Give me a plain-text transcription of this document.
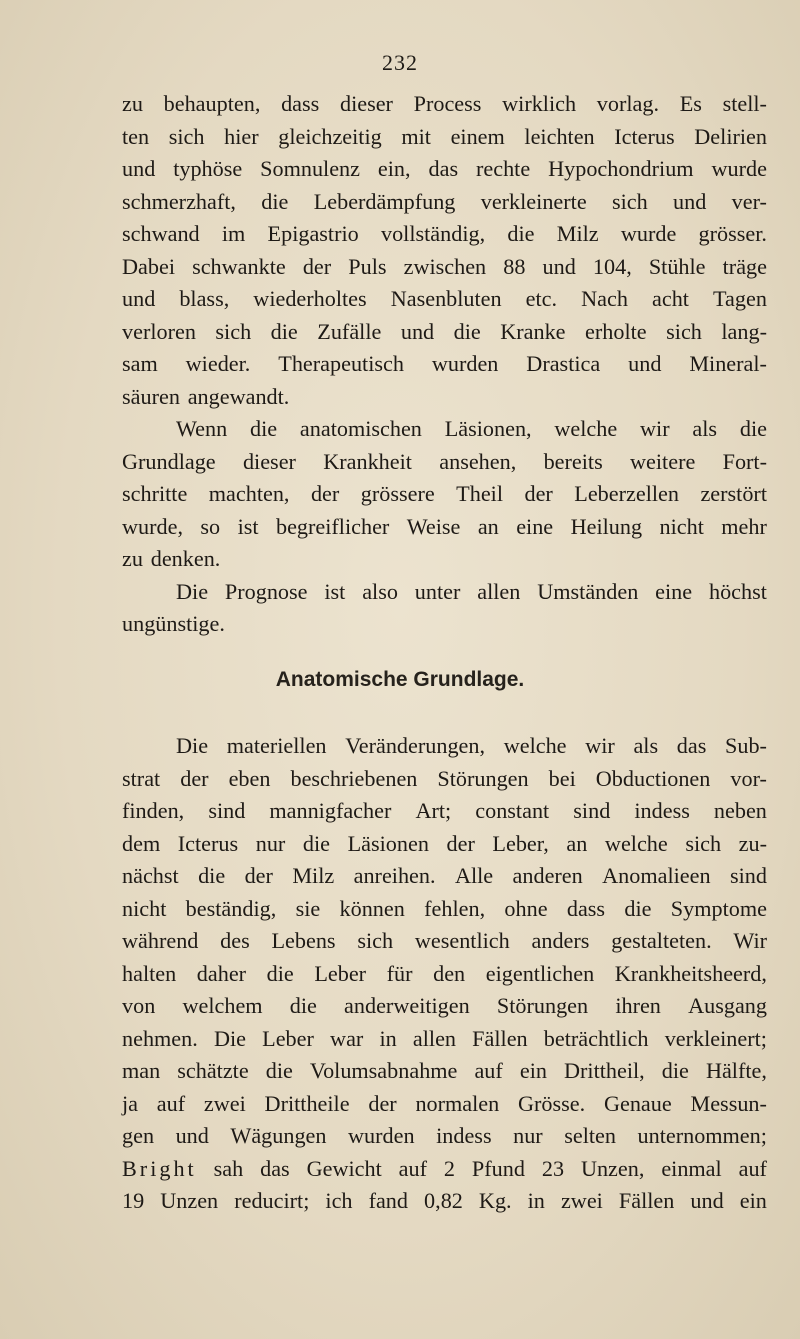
232
zu behaupten, dass dieser Process wirklich vorlag. Es stell-
ten sich hier gleichzeitig mit einem leichten Icterus Delirien
und typhöse Somnulenz ein, das rechte Hypochondrium wurde
schmerzhaft, die Leberdämpfung verkleinerte sich und ver-
schwand im Epigastrio vollständig, die Milz wurde grösser.
Dabei schwankte der Puls zwischen 88 und 104, Stühle träge
und blass, wiederholtes Nasenbluten etc. Nach acht Tagen
verloren sich die Zufälle und die Kranke erholte sich lang-
sam wieder. Therapeutisch wurden Drastica und Mineral-
säuren angewandt.
Wenn die anatomischen Läsionen, welche wir als die
Grundlage dieser Krankheit ansehen, bereits weitere Fort-
schritte machten, der grössere Theil der Leberzellen zerstört
wurde, so ist begreiflicher Weise an eine Heilung nicht mehr
zu denken.
Die Prognose ist also unter allen Umständen eine höchst
ungünstige.
Anatomische Grundlage.
Die materiellen Veränderungen, welche wir als das Sub-
strat der eben beschriebenen Störungen bei Obductionen vor-
finden, sind mannigfacher Art; constant sind indess neben
dem Icterus nur die Läsionen der Leber, an welche sich zu-
nächst die der Milz anreihen. Alle anderen Anomalieen sind
nicht beständig, sie können fehlen, ohne dass die Symptome
während des Lebens sich wesentlich anders gestalteten. Wir
halten daher die Leber für den eigentlichen Krankheitsheerd,
von welchem die anderweitigen Störungen ihren Ausgang
nehmen. Die Leber war in allen Fällen beträchtlich verkleinert;
man schätzte die Volumsabnahme auf ein Drittheil, die Hälfte,
ja auf zwei Drittheile der normalen Grösse. Genaue Messun-
gen und Wägungen wurden indess nur selten unternommen;
Bright sah das Gewicht auf 2 Pfund 23 Unzen, einmal auf
19 Unzen reducirt; ich fand 0,82 Kg. in zwei Fällen und ein
